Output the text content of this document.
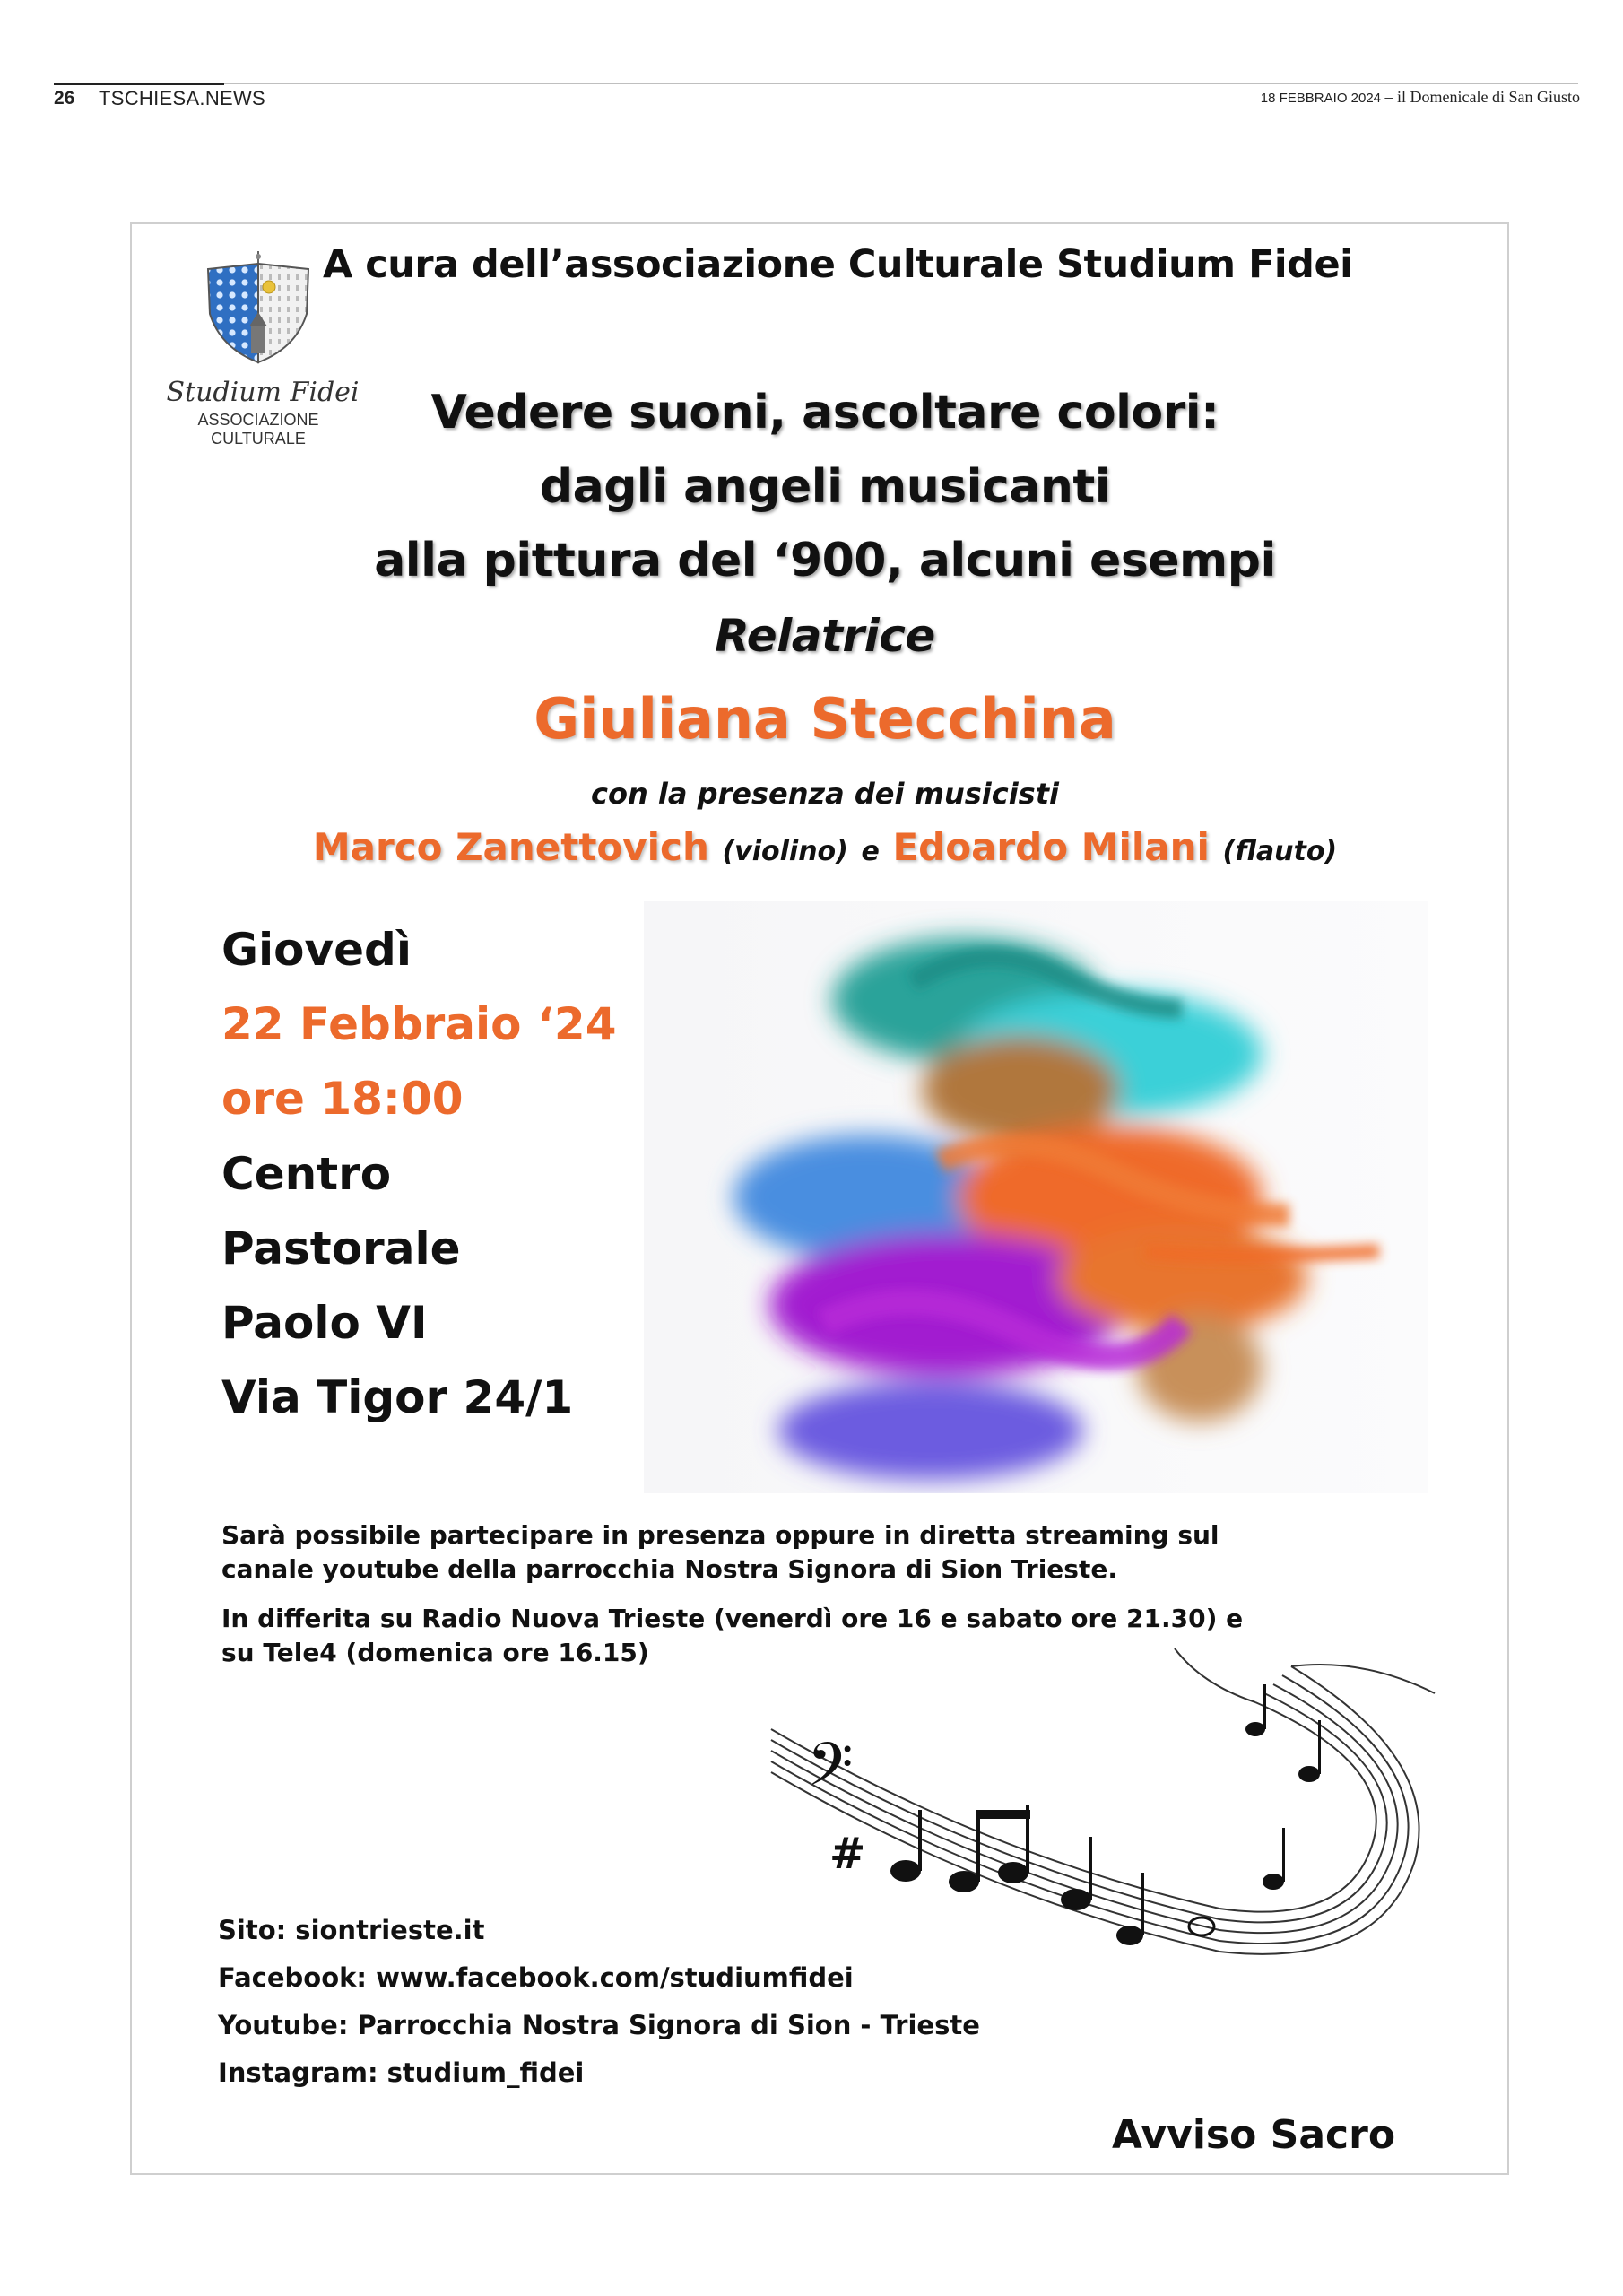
26 TSCHIESA.NEWS	18 FEBBRAIO 2024 – il Domenicale di San Giusto
Studium Fidei
ASSOCIAZIONE CULTURALE
A cura dell’associazione Culturale Studium Fidei
Vedere suoni, ascoltare colori:
dagli angeli musicanti
alla pittura del ‘900, alcuni esempi
Relatrice
Giuliana Stecchina
con la presenza dei musicisti
Marco Zanettovich (violino) e Edoardo Milani (flauto)
Giovedì
22 Febbraio ‘24
ore 18:00
Centro
Pastorale
Paolo VI
Via Tigor 24/1
Sarà possibile partecipare in presenza oppure in diretta streaming sul canale youtube della parrocchia Nostra Signora di Sion Trieste.
In differita su Radio Nuova Trieste (venerdì ore 16 e sabato ore 21.30) e su Tele4 (domenica ore 16.15)
𝄢
#
Sito: siontrieste.it
Facebook: www.facebook.com/studiumfidei
Youtube: Parrocchia Nostra Signora di Sion - Trieste
Instagram: studium_fidei
Avviso Sacro
